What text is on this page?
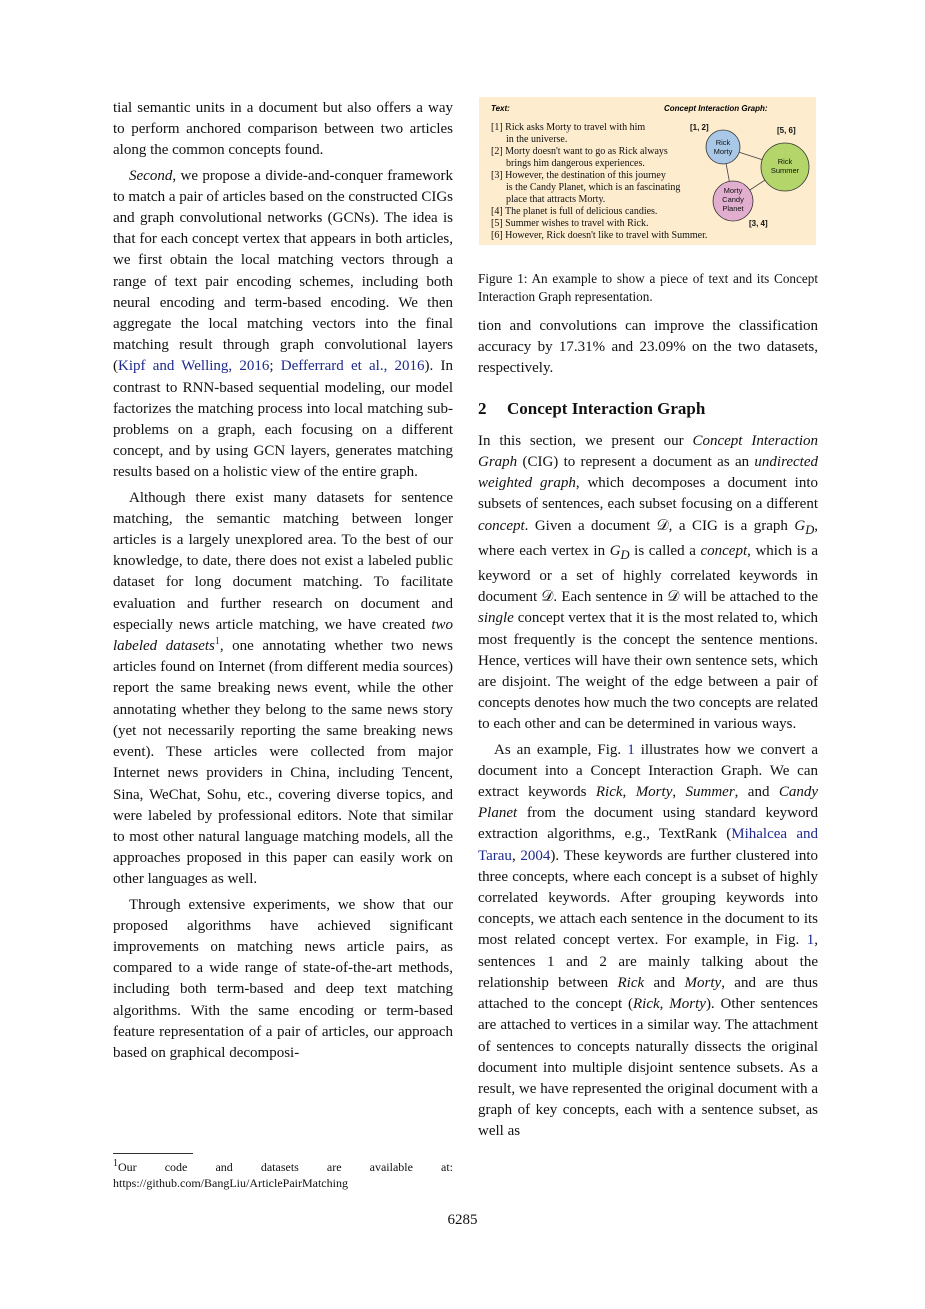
tial semantic units in a document but also offers a way to perform anchored comparison between two articles along the common concepts found.

Second, we propose a divide-and-conquer framework to match a pair of articles based on the constructed CIGs and graph convolutional networks (GCNs). The idea is that for each concept vertex that appears in both articles, we first obtain the local matching vectors through a range of text pair encoding schemes, including both neural encoding and term-based encoding. We then aggregate the local matching vectors into the final matching result through graph convolutional layers (Kipf and Welling, 2016; Defferrard et al., 2016). In contrast to RNN-based sequential modeling, our model factorizes the matching process into local matching sub-problems on a graph, each focusing on a different concept, and by using GCN layers, generates matching results based on a holistic view of the entire graph.

Although there exist many datasets for sentence matching, the semantic matching between longer articles is a largely unexplored area. To the best of our knowledge, to date, there does not exist a labeled public dataset for long document matching. To facilitate evaluation and further research on document and especially news article matching, we have created two labeled datasets$^1$, one annotating whether two news articles found on Internet (from different media sources) report the same breaking news event, while the other annotating whether they belong to the same news story (yet not necessarily reporting the same breaking news event). These articles were collected from major Internet news providers in China, including Tencent, Sina, WeChat, Sohu, etc., covering diverse topics, and were labeled by professional editors. Note that similar to most other natural language matching models, all the approaches proposed in this paper can easily work on other languages as well.

Through extensive experiments, we show that our proposed algorithms have achieved significant improvements on matching news article pairs, as compared to a wide range of state-of-the-art methods, including both term-based and deep text matching algorithms. With the same encoding or term-based feature representation of a pair of articles, our approach based on graphical decomposi-

$^1$Our code and datasets are available at:
https://github.com/BangLiu/ArticlePairMatching
Text:	Concept Interaction Graph:
[1] Rick asks Morty to travel with him
in the universe.
[2] Morty doesn't want to go as Rick always
brings him dangerous experiences.
[3] However, the destination of this journey
is the Candy Planet, which is an fascinating
place that attracts Morty.
[4] The planet is full of delicious candies.
[5] Summer wishes to travel with Rick.
[6] However, Rick doesn't like to travel with Summer.
Rick
Morty
Rick
Summer
Morty
Candy
Planet
[1, 2]	[5, 6]
[3, 4]
Figure 1: An example to show a piece of text and its Concept Interaction Graph representation.

tion and convolutions can improve the classification accuracy by 17.31% and 23.09% on the two datasets, respectively.

2 Concept Interaction Graph

In this section, we present our Concept Interaction Graph (CIG) to represent a document as an undirected weighted graph, which decomposes a document into subsets of sentences, each subset focusing on a different concept. Given a document 𝒟, a CIG is a graph $G_D$, where each vertex in $G_D$ is called a concept, which is a keyword or a set of highly correlated keywords in document 𝒟. Each sentence in 𝒟 will be attached to the single concept vertex that it is the most related to, which most frequently is the concept the sentence mentions. Hence, vertices will have their own sentence sets, which are disjoint. The weight of the edge between a pair of concepts denotes how much the two concepts are related to each other and can be determined in various ways.

As an example, Fig. 1 illustrates how we convert a document into a Concept Interaction Graph. We can extract keywords Rick, Morty, Summer, and Candy Planet from the document using standard keyword extraction algorithms, e.g., TextRank (Mihalcea and Tarau, 2004). These keywords are further clustered into three concepts, where each concept is a subset of highly correlated keywords. After grouping keywords into concepts, we attach each sentence in the document to its most related concept vertex. For example, in Fig. 1, sentences 1 and 2 are mainly talking about the relationship between Rick and Morty, and are thus attached to the concept (Rick, Morty). Other sentences are attached to vertices in a similar way. The attachment of sentences to concepts naturally dissects the original document into multiple disjoint sentence subsets. As a result, we have represented the original document with a graph of key concepts, each with a sentence subset, as well as

6285
